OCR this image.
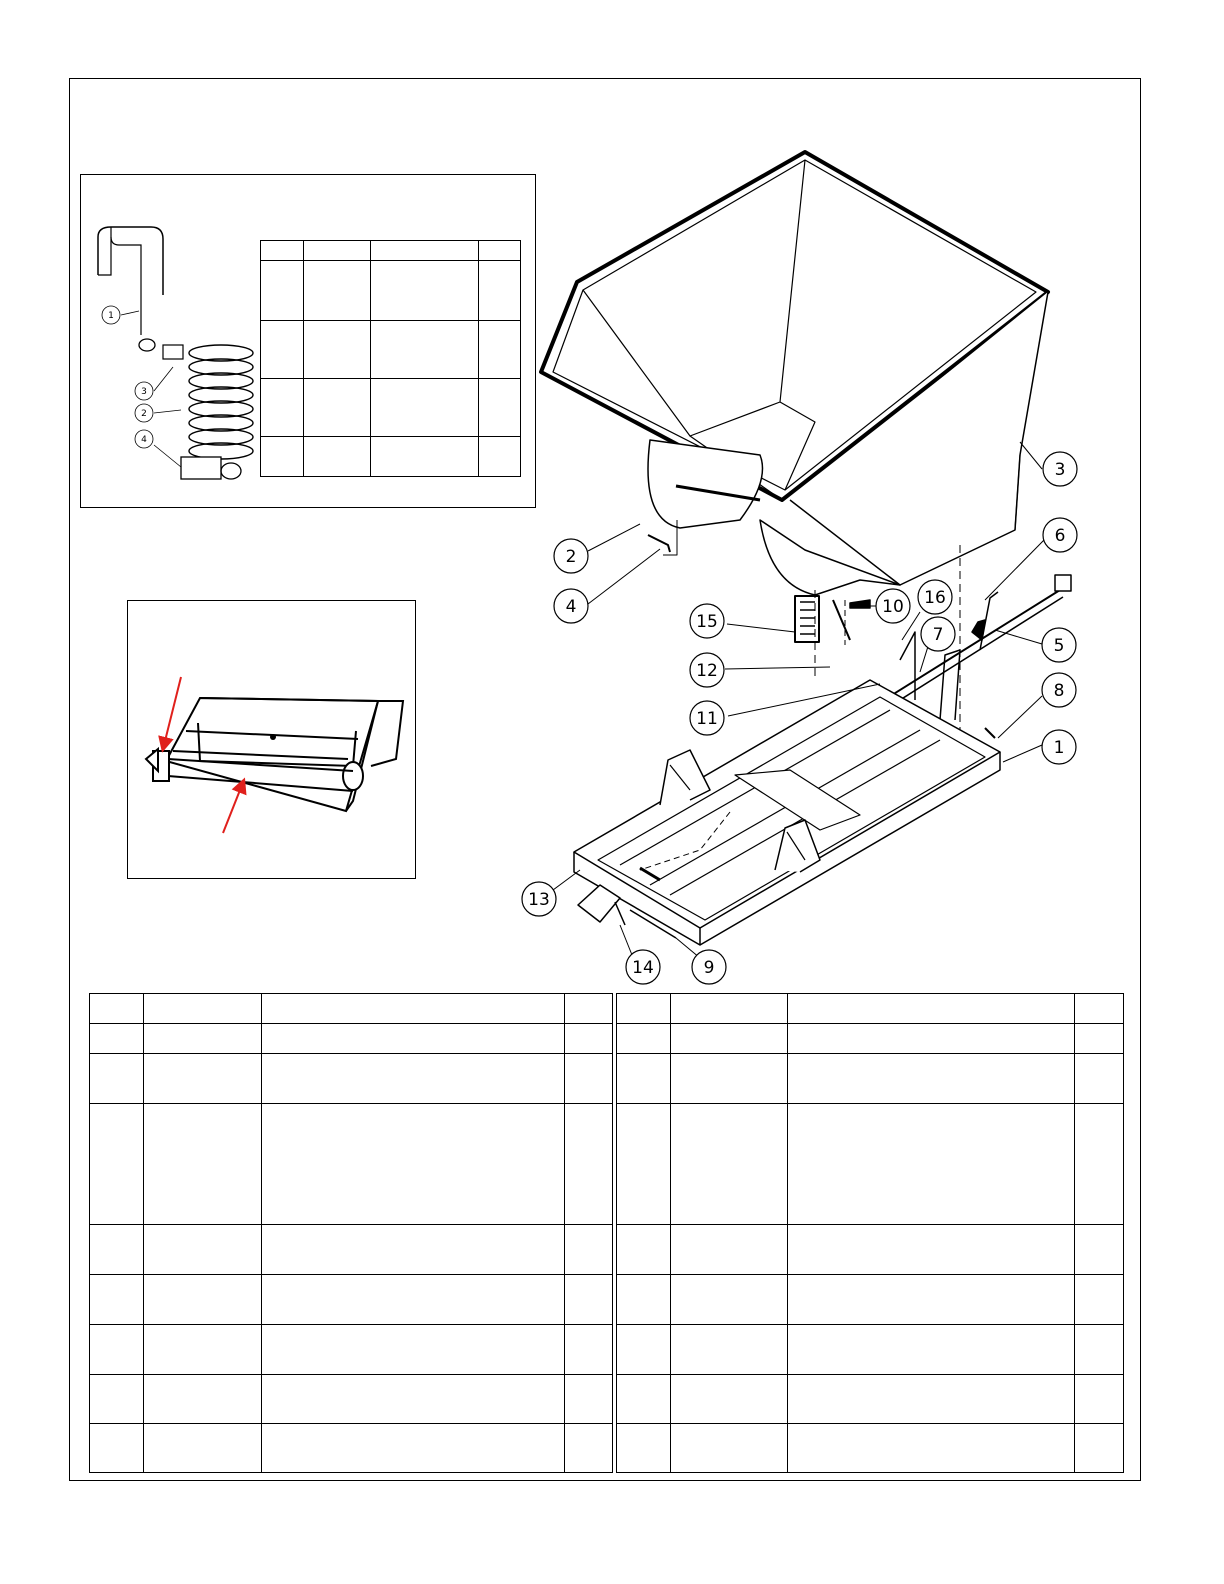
1
3
2
4

1
2
3
4
5
6
7
8
9
10
11
12
13
14
15
16
